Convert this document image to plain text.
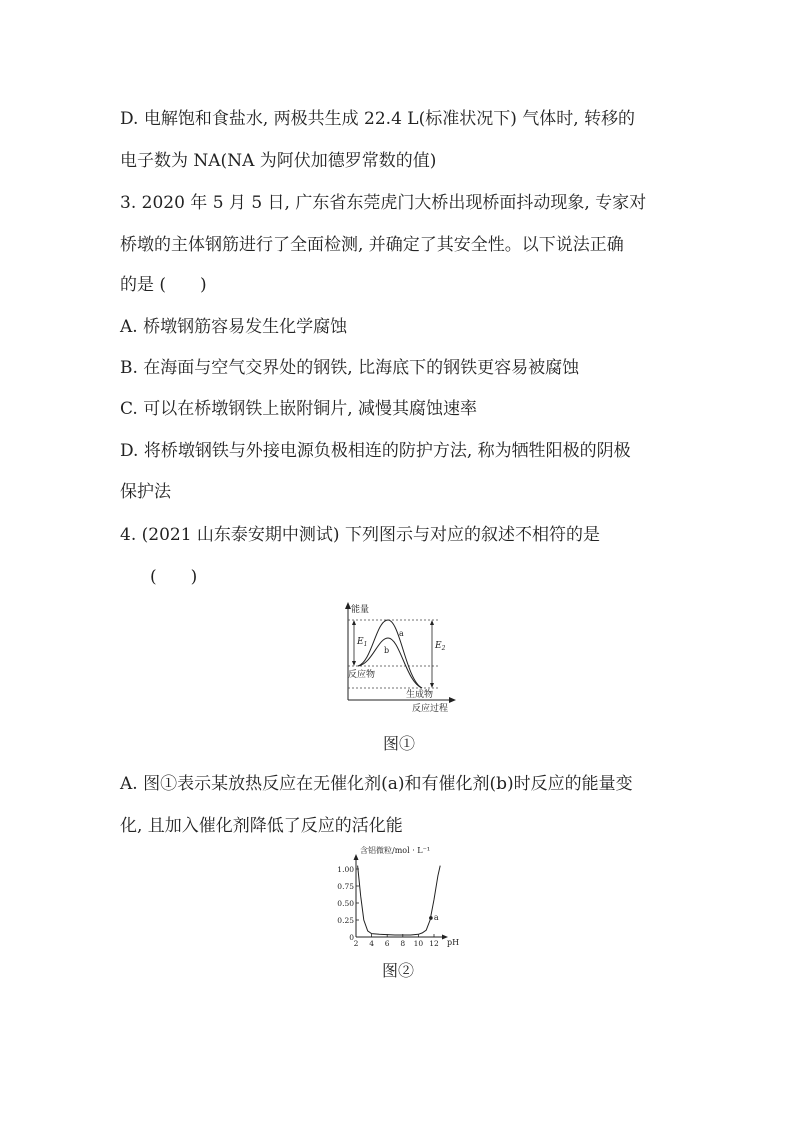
D. 电解饱和食盐水, 两极共生成 22.4 L(标准状况下) 气体时, 转移的
电子数为 NA(NA 为阿伏加德罗常数的值)
3. 2020 年 5 月 5 日, 广东省东莞虎门大桥出现桥面抖动现象, 专家对
桥墩的主体钢筋进行了全面检测, 并确定了其安全性。以下说法正确
的是 (　　)
A. 桥墩钢筋容易发生化学腐蚀
B. 在海面与空气交界处的钢铁, 比海底下的钢铁更容易被腐蚀
C. 可以在桥墩钢铁上嵌附铜片, 减慢其腐蚀速率
D. 将桥墩钢铁与外接电源负极相连的防护方法, 称为牺牲阳极的阴极
保护法
4. (2021 山东泰安期中测试) 下列图示与对应的叙述不相符的是
(　　)
A. 图①表示某放热反应在无催化剂(a)和有催化剂(b)时反应的能量变
化, 且加入催化剂降低了反应的活化能
能量
$E_1$	$E_2$
a
b
反应物
生成物
反应过程
图①
含铝微粒/mol · L⁻¹
1.00
0.75
0.50
0.25
0
2 4 6 8 10 12 pH
a
图②
